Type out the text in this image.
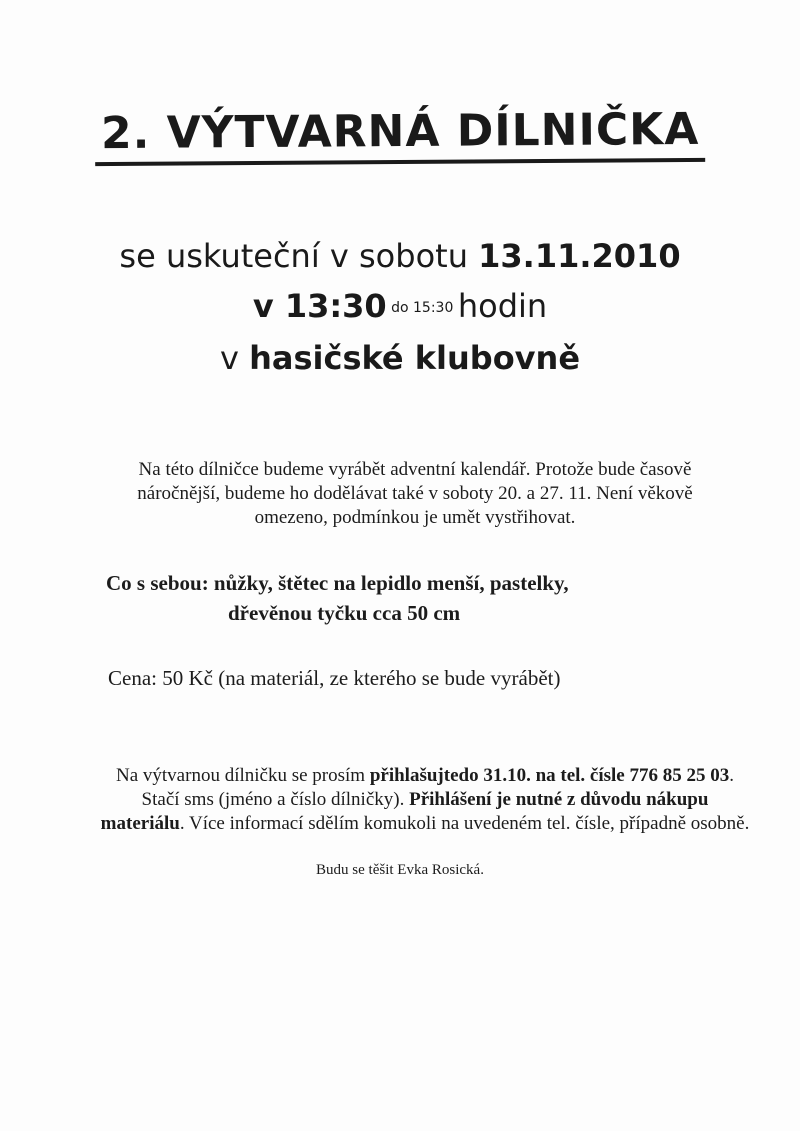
2. VÝTVARNÁ DÍLNIČKA
se uskuteční v sobotu 13.11.2010
v 13:30 do 15:30 hodin
v hasičské klubovně
Na této dílničce budeme vyrábět adventní kalendář. Protože bude časově náročnější, budeme ho dodělávat také v soboty 20. a 27. 11. Není věkově omezeno, podmínkou je umět vystřihovat.
Co s sebou: nůžky, štětec na lepidlo menší, pastelky,
dřevěnou tyčku cca 50 cm
Cena: 50 Kč (na materiál, ze kterého se bude vyrábět)
Na výtvarnou dílničku se prosím přihlašujtedo 31.10. na tel. čísle 776 85 25 03. Stačí sms (jméno a číslo dílničky). Přihlášení je nutné z důvodu nákupu materiálu. Více informací sdělím komukoli na uvedeném tel. čísle, případně osobně.
Budu se těšit Evka Rosická.
